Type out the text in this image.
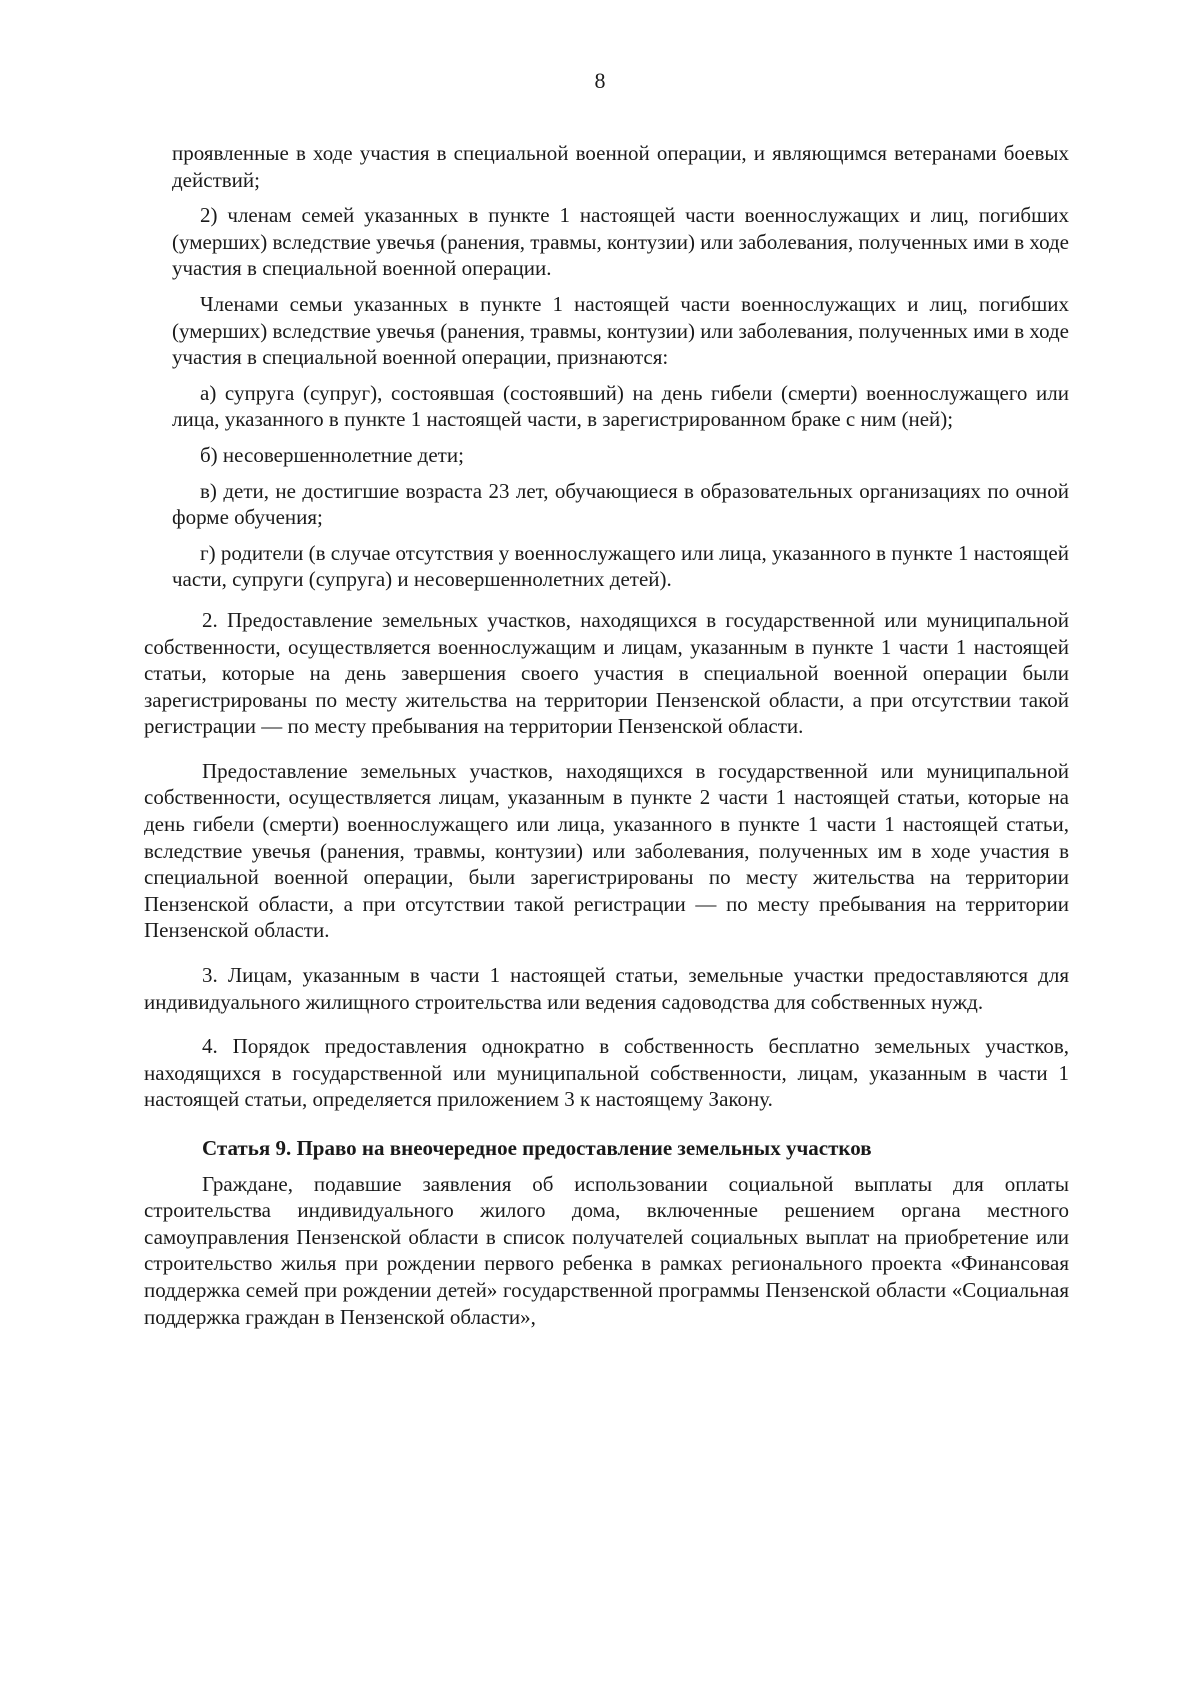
8

проявленные в ходе участия в специальной военной операции, и являющимся ветеранами боевых действий;

2) членам семей указанных в пункте 1 настоящей части военнослужащих и лиц, погибших (умерших) вследствие увечья (ранения, травмы, контузии) или заболевания, полученных ими в ходе участия в специальной военной операции.

Членами семьи указанных в пункте 1 настоящей части военнослужащих и лиц, погибших (умерших) вследствие увечья (ранения, травмы, контузии) или заболевания, полученных ими в ходе участия в специальной военной операции, признаются:

а) супруга (супруг), состоявшая (состоявший) на день гибели (смерти) военнослужащего или лица, указанного в пункте 1 настоящей части, в зарегистрированном браке с ним (ней);

б) несовершеннолетние дети;

в) дети, не достигшие возраста 23 лет, обучающиеся в образовательных организациях по очной форме обучения;

г) родители (в случае отсутствия у военнослужащего или лица, указанного в пункте 1 настоящей части, супруги (супруга) и несовершеннолетних детей).

2. Предоставление земельных участков, находящихся в государственной или муниципальной собственности, осуществляется военнослужащим и лицам, указанным в пункте 1 части 1 настоящей статьи, которые на день завершения своего участия в специальной военной операции были зарегистрированы по месту жительства на территории Пензенской области, а при отсутствии такой регистрации — по месту пребывания на территории Пензенской области.

Предоставление земельных участков, находящихся в государственной или муниципальной собственности, осуществляется лицам, указанным в пункте 2 части 1 настоящей статьи, которые на день гибели (смерти) военнослужащего или лица, указанного в пункте 1 части 1 настоящей статьи, вследствие увечья (ранения, травмы, контузии) или заболевания, полученных им в ходе участия в специальной военной операции, были зарегистрированы по месту жительства на территории Пензенской области, а при отсутствии такой регистрации — по месту пребывания на территории Пензенской области.

3. Лицам, указанным в части 1 настоящей статьи, земельные участки предоставляются для индивидуального жилищного строительства или ведения садоводства для собственных нужд.

4. Порядок предоставления однократно в собственность бесплатно земельных участков, находящихся в государственной или муниципальной собственности, лицам, указанным в части 1 настоящей статьи, определяется приложением 3 к настоящему Закону.

Статья 9. Право на внеочередное предоставление земельных участков

Граждане, подавшие заявления об использовании социальной выплаты для оплаты строительства индивидуального жилого дома, включенные решением органа местного самоуправления Пензенской области в список получателей социальных выплат на приобретение или строительство жилья при рождении первого ребенка в рамках регионального проекта «Финансовая поддержка семей при рождении детей» государственной программы Пензенской области «Социальная поддержка граждан в Пензенской области»,
